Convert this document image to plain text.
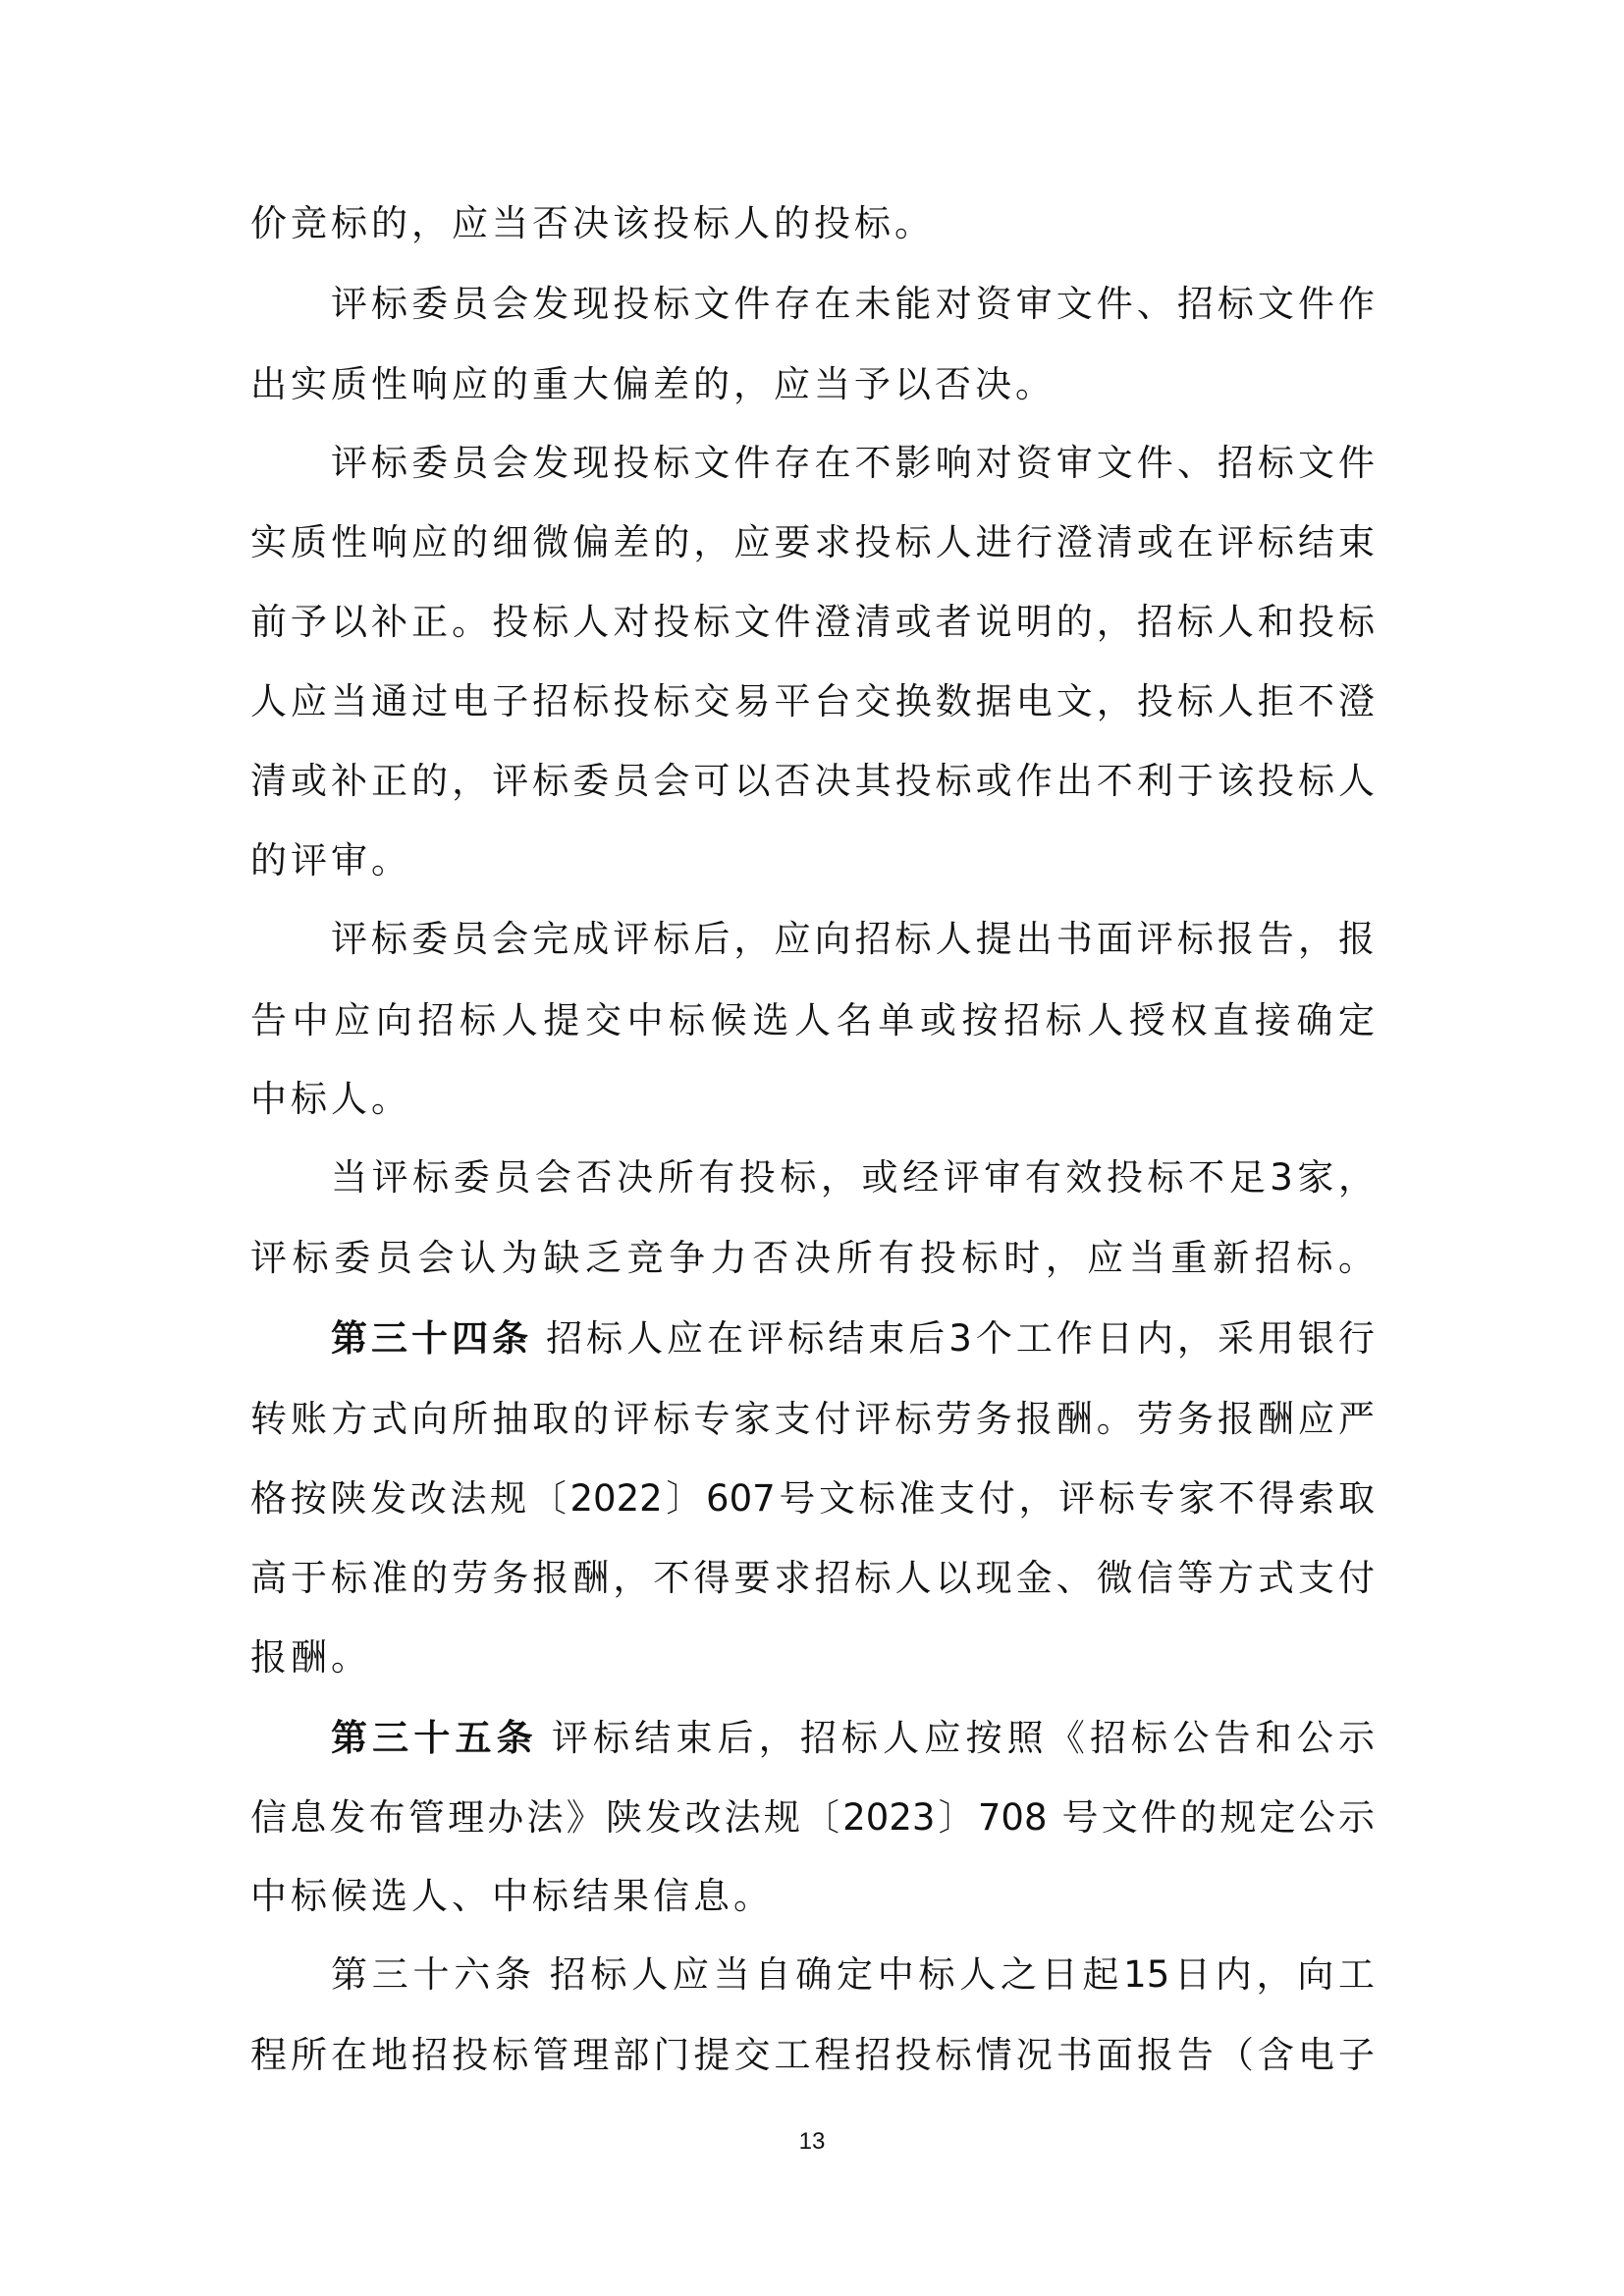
价竞标的，应当否决该投标人的投标。
评标委员会发现投标文件存在未能对资审文件、招标文件作
出实质性响应的重大偏差的，应当予以否决。
评标委员会发现投标文件存在不影响对资审文件、招标文件
实质性响应的细微偏差的，应要求投标人进行澄清或在评标结束
前予以补正。投标人对投标文件澄清或者说明的，招标人和投标
人应当通过电子招标投标交易平台交换数据电文，投标人拒不澄
清或补正的，评标委员会可以否决其投标或作出不利于该投标人
的评审。
评标委员会完成评标后，应向招标人提出书面评标报告，报
告中应向招标人提交中标候选人名单或按招标人授权直接确定
中标人。
当评标委员会否决所有投标，或经评审有效投标不足3家，
评标委员会认为缺乏竞争力否决所有投标时，应当重新招标。
第三十四条 招标人应在评标结束后3个工作日内，采用银行
转账方式向所抽取的评标专家支付评标劳务报酬。劳务报酬应严
格按陕发改法规〔2022〕607号文标准支付，评标专家不得索取
高于标准的劳务报酬，不得要求招标人以现金、微信等方式支付
报酬。
第三十五条 评标结束后，招标人应按照《招标公告和公示
信息发布管理办法》陕发改法规〔2023〕708 号文件的规定公示
中标候选人、中标结果信息。
第三十六条 招标人应当自确定中标人之日起15日内，向工
程所在地招投标管理部门提交工程招投标情况书面报告（含电子
13
